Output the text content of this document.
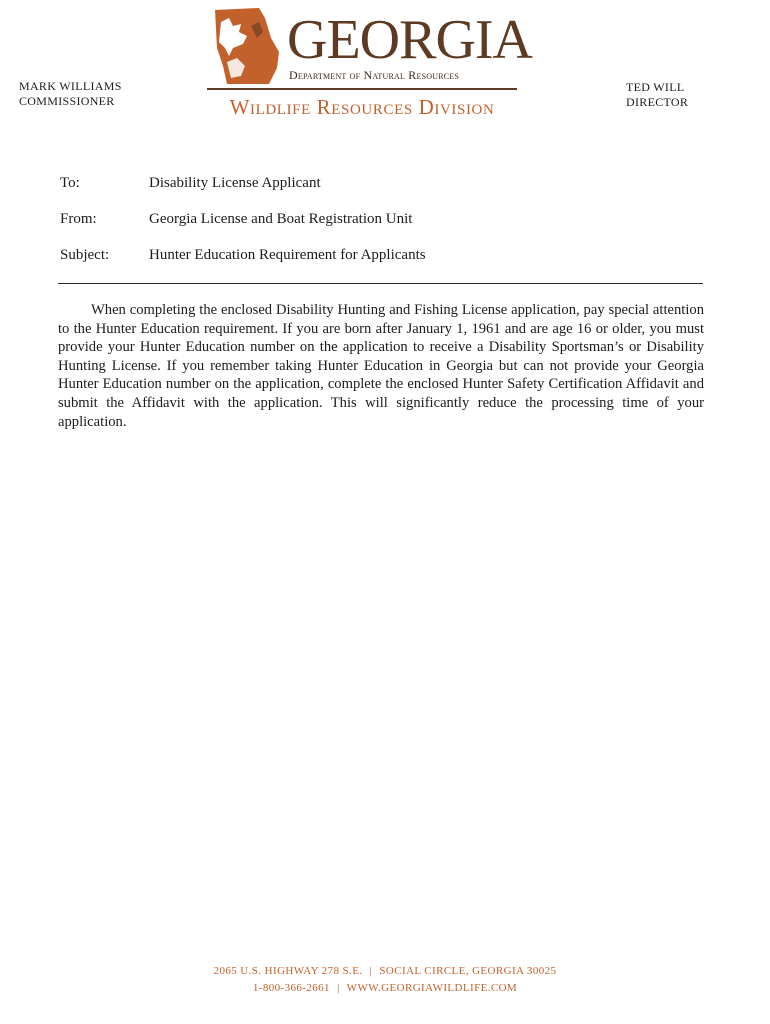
GEORGIA
Department of Natural Resources
Wildlife Resources Division
MARK WILLIAMS
COMMISSIONER
TED WILL
DIRECTOR
To:	Disability License Applicant
From:	Georgia License and Boat Registration Unit
Subject:	Hunter Education Requirement for Applicants

When completing the enclosed Disability Hunting and Fishing License application, pay special attention to the Hunter Education requirement. If you are born after January 1, 1961 and are age 16 or older, you must provide your Hunter Education number on the application to receive a Disability Sportsman’s or Disability Hunting License. If you remember taking Hunter Education in Georgia but can not provide your Georgia Hunter Education number on the application, complete the enclosed Hunter Safety Certification Affidavit and submit the Affidavit with the application. This will significantly reduce the processing time of your application.

2065 U.S. HIGHWAY 278 S.E. | SOCIAL CIRCLE, GEORGIA 30025
1-800-366-2661 | WWW.GEORGIAWILDLIFE.COM
